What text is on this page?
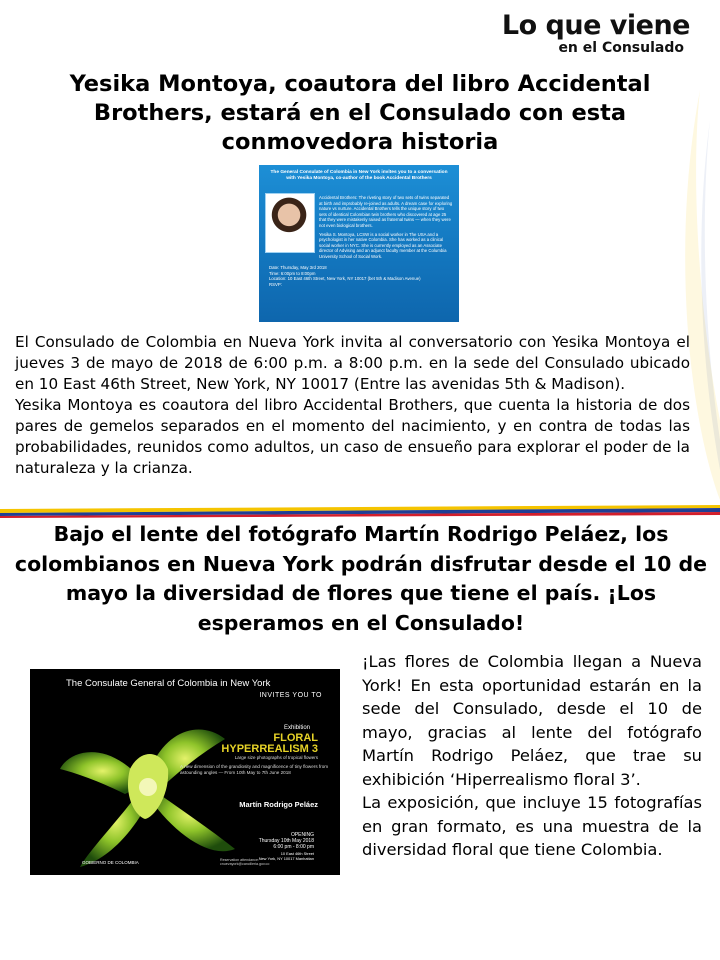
Lo que viene
en el Consulado
Yesika Montoya, coautora del libro Accidental Brothers, estará en el Consulado con esta conmovedora historia
The General Consulate of Colombia in New York invites you to a conversation with Yesika Montoya, co-author of the book Accidental Brothers
Accidental Brothers: The riveting story of two sets of twins separated at birth and improbably re-joined as adults. A dream case for exploring nature vs nurture. Accidental Brothers tells the unique story of two sets of identical Colombian twin brothers who discovered at age 25 that they were mistakenly raised as fraternal twins — when they were not even biological brothers.
Yesika S. Montoya, LCSW is a social worker in The USA and a psychologist in her native Colombia. She has worked as a clinical social worker in NYC. She is currently employed as an Associate director of Advising and an adjunct faculty member at the Columbia University School of Social Work.
Date: Thursday, May 3rd 2018
Time: 6:00pm to 8:00pm
Location: 10 East 46th Street, New York, NY 10017 (bet 5th & Madison Avenue)
RSVP:

El Consulado de Colombia en Nueva York invita al conversatorio con Yesika Montoya el jueves 3 de mayo de 2018 de 6:00 p.m. a 8:00 p.m. en la sede del Consulado ubicado en 10 East 46th Street, New York, NY 10017 (Entre las avenidas 5th & Madison).
Yesika Montoya es coautora del libro Accidental Brothers, que cuenta la historia de dos pares de gemelos separados en el momento del nacimiento, y en contra de todas las probabilidades, reunidos como adultos, un caso de ensueño para explorar el poder de la naturaleza y la crianza.

Bajo el lente del fotógrafo Martín Rodrigo Peláez, los colombianos en Nueva York podrán disfrutar desde el 10 de mayo la diversidad de flores que tiene el país. ¡Los esperamos en el Consulado!
The Consulate General of Colombia in New York
INVITES YOU TO
Exhibition
FLORAL
HYPERREALISM 3
Large size photographs of tropical flowers
A new dimension of the grandiosity and magnificence of tiny flowers from astounding angles — From 10th May to 7th June 2018
Martín Rodrigo Peláez
OPENING
Thursday 10th May 2018
6:00 pm - 8:00 pm
10 East 46th Street
New York, NY 10017 Manhattan
Reservation attendance:
cnuevayork@cancilleria.gov.co
GOBIERNO DE COLOMBIA
¡Las flores de Colombia llegan a Nueva York! En esta oportunidad estarán en la sede del Consulado, desde el 10 de mayo, gracias al lente del fotógrafo Martín Rodrigo Peláez, que trae su exhibición ‘Hiperrealismo floral 3’.
La exposición, que incluye 15 fotografías en gran formato, es una muestra de la diversidad floral que tiene Colombia.
